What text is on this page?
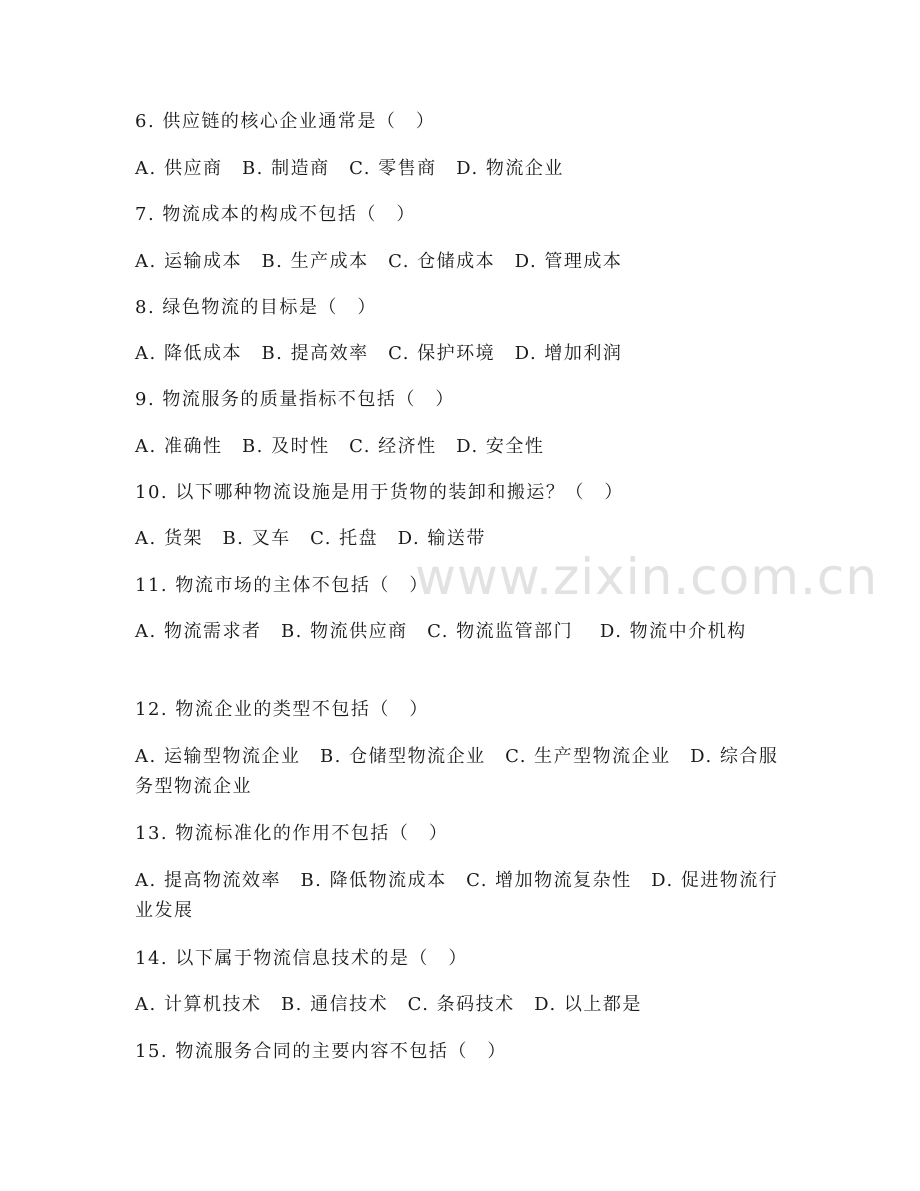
www.zixin.com.cn
6. 供应链的核心企业通常是（　）
A. 供应商　B. 制造商　C. 零售商　D. 物流企业
7. 物流成本的构成不包括（　）
A. 运输成本　B. 生产成本　C. 仓储成本　D. 管理成本
8. 绿色物流的目标是（　）
A. 降低成本　B. 提高效率　C. 保护环境　D. 增加利润
9. 物流服务的质量指标不包括（　）
A. 准确性　B. 及时性　C. 经济性　D. 安全性
10. 以下哪种物流设施是用于货物的装卸和搬运？（　）
A. 货架　B. 叉车　C. 托盘　D. 输送带
11. 物流市场的主体不包括（　）
A. 物流需求者　B. 物流供应商　C. 物流监管部门　 D. 物流中介机构
12. 物流企业的类型不包括（　）
A. 运输型物流企业　B. 仓储型物流企业　C. 生产型物流企业　D. 综合服务型物流企业
13. 物流标准化的作用不包括（　）
A. 提高物流效率　B. 降低物流成本　C. 增加物流复杂性　D. 促进物流行业发展
14. 以下属于物流信息技术的是（　）
A. 计算机技术　B. 通信技术　C. 条码技术　D. 以上都是
15. 物流服务合同的主要内容不包括（　）
